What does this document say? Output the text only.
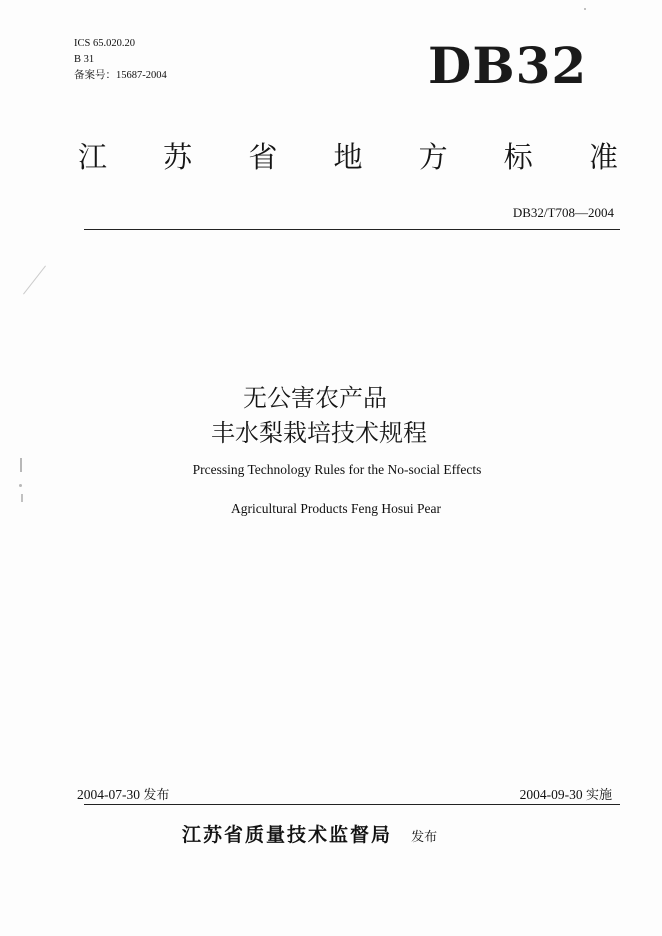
ICS 65.020.20
B 31
备案号：15687-2004	DB32
江 苏 省 地 方 标 准
DB32/T708—2004
无公害农产品
丰水梨栽培技术规程
Prcessing Technology Rules for the No-social Effects
Agricultural Products Feng Hosui Pear
2004-07-30 发布	2004-09-30 实施
江苏省质量技术监督局 发布
